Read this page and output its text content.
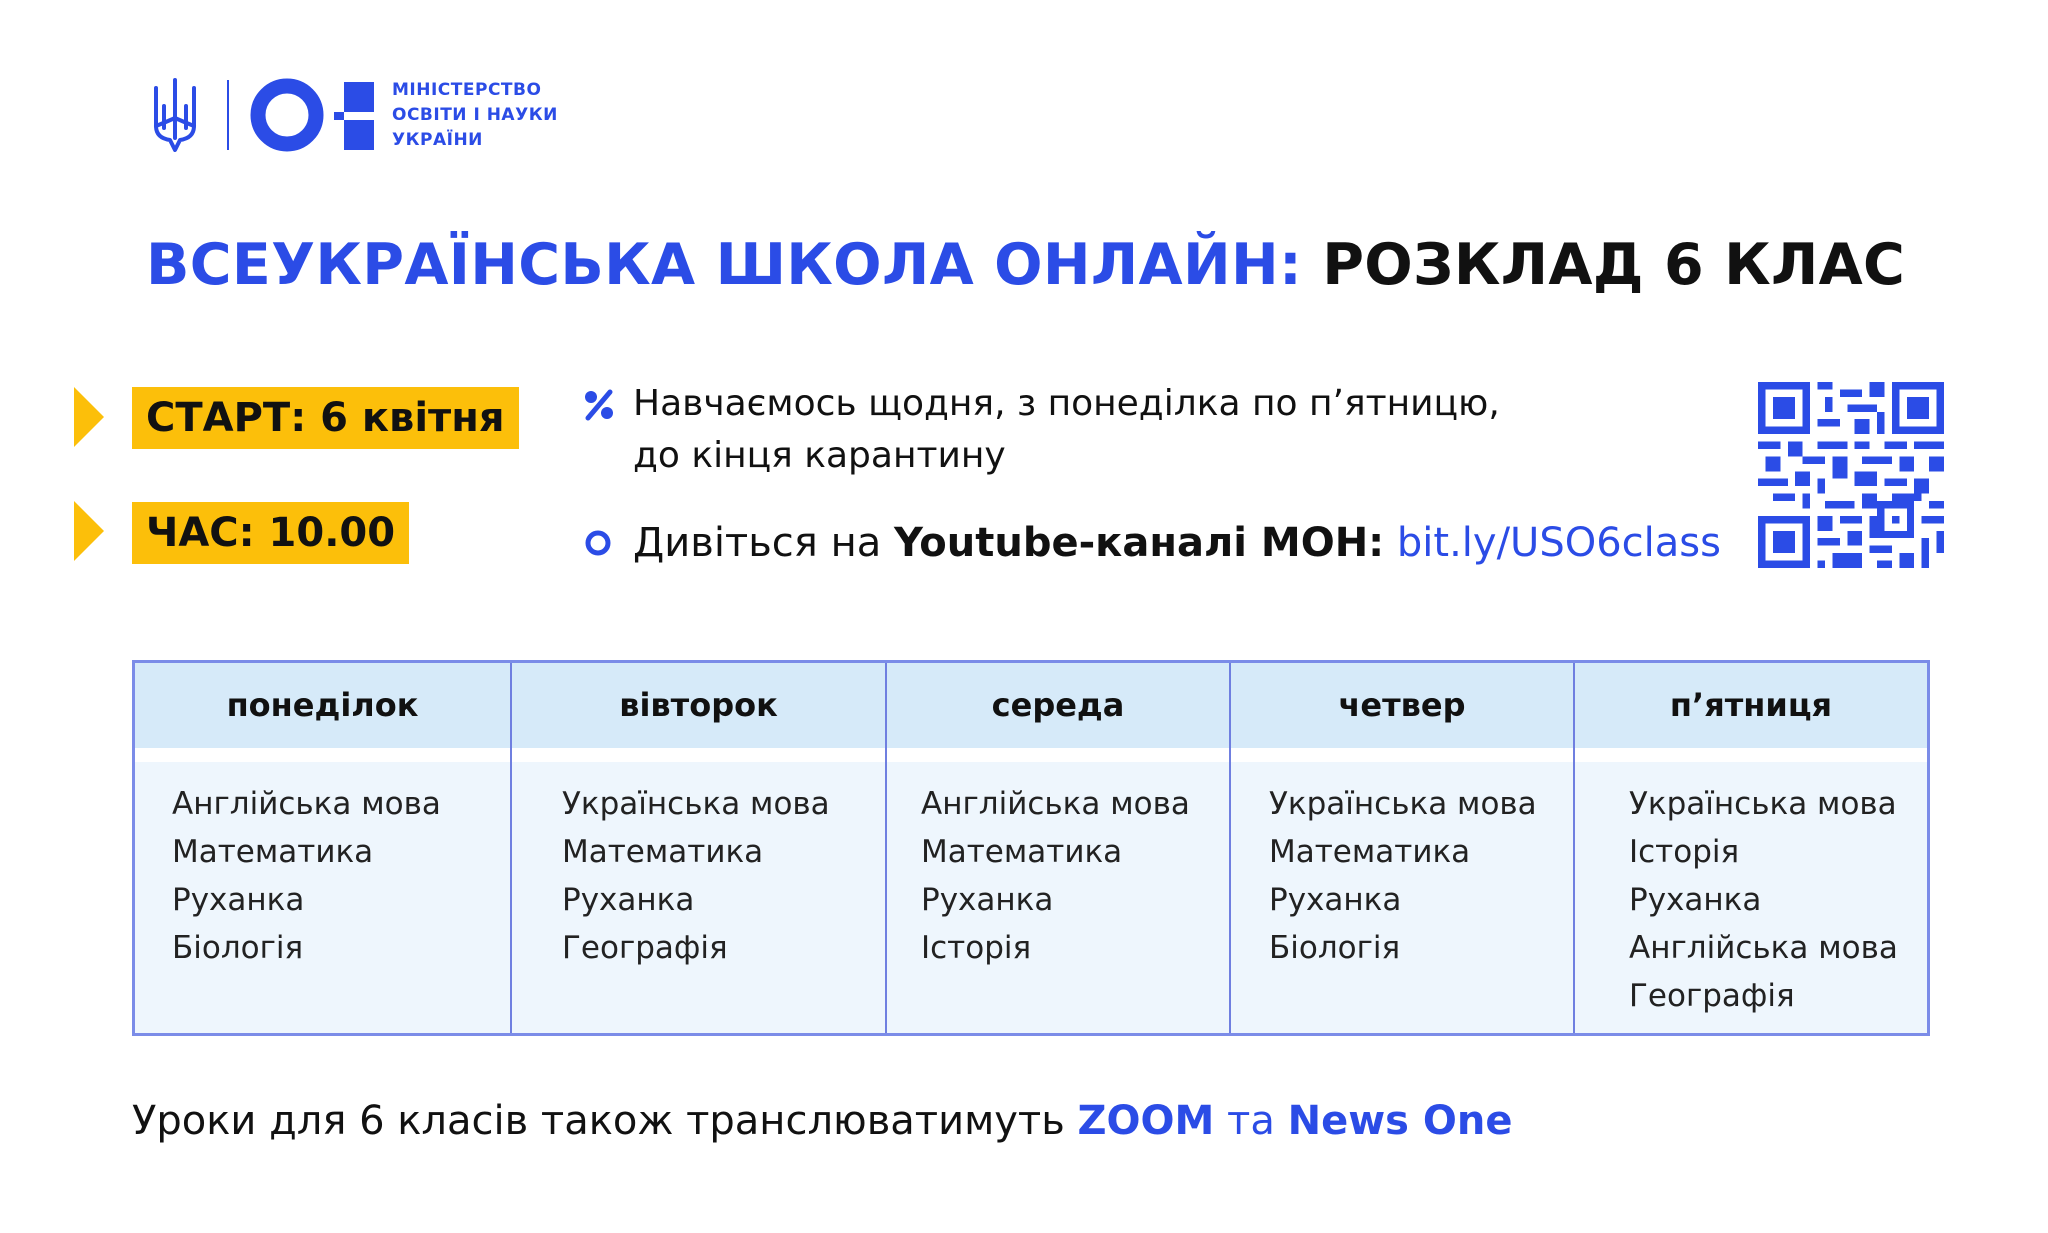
МІНІСТЕРСТВО
ОСВІТИ І НАУКИ
УКРАЇНИ
ВСЕУКРАЇНСЬКА ШКОЛА ОНЛАЙН: РОЗКЛАД 6 КЛАС
СТАРТ: 6 квітня
ЧАС: 10.00
Навчаємось щодня, з понеділка по п’ятницю,
до кінця карантину
Дивіться на Youtube-каналі МОН: bit.ly/USO6class
понеділок
Англійська мова
Математика
Руханка
Біологія
вівторок
Українська мова
Математика
Руханка
Географія
середа
Англійська мова
Математика
Руханка
Історія
четвер
Українська мова
Математика
Руханка
Біологія
п’ятниця
Українська мова
Історія
Руханка
Англійська мова
Географія
Уроки для 6 класів також транслюватимуть ZOOM та News One
